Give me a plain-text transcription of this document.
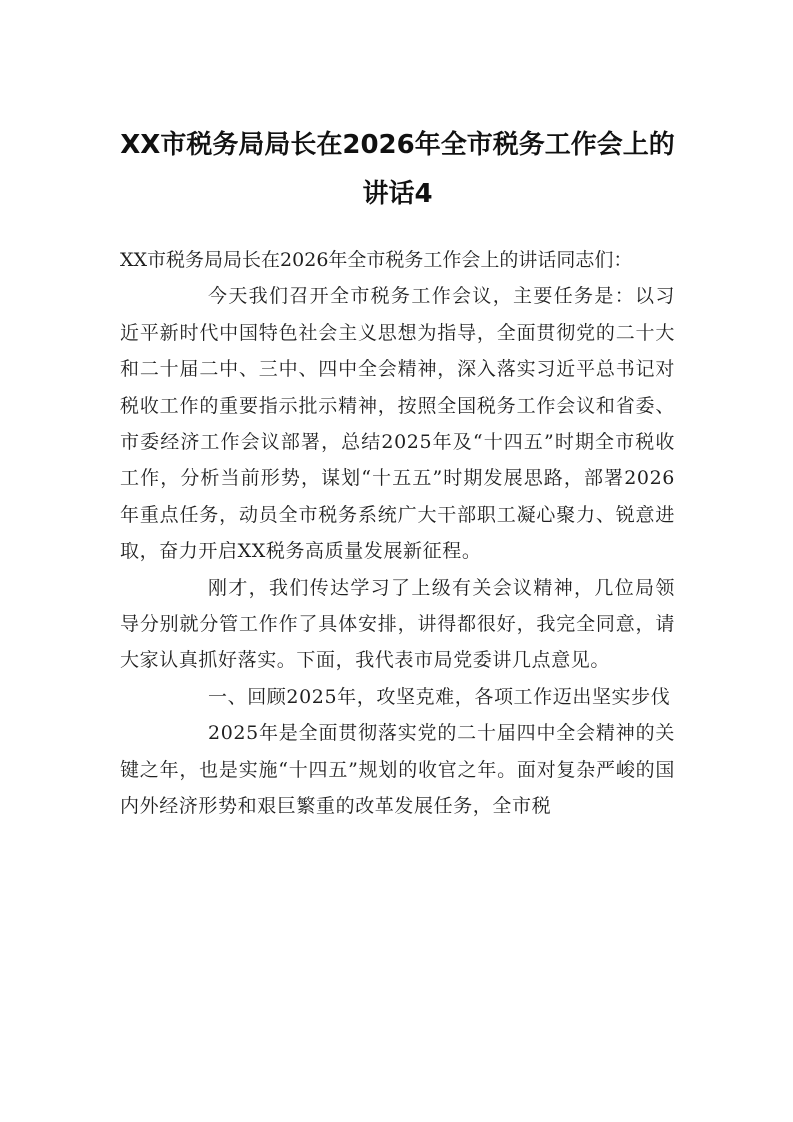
XX市税务局局长在2026年全市税务工作会上的讲话4

XX市税务局局长在2026年全市税务工作会上的讲话同志们：

今天我们召开全市税务工作会议，主要任务是：以习近平新时代中国特色社会主义思想为指导，全面贯彻党的二十大和二十届二中、三中、四中全会精神，深入落实习近平总书记对税收工作的重要指示批示精神，按照全国税务工作会议和省委、市委经济工作会议部署，总结2025年及“十四五”时期全市税收工作，分析当前形势，谋划“十五五”时期发展思路，部署2026年重点任务，动员全市税务系统广大干部职工凝心聚力、锐意进取，奋力开启XX税务高质量发展新征程。

刚才，我们传达学习了上级有关会议精神，几位局领导分别就分管工作作了具体安排，讲得都很好，我完全同意，请大家认真抓好落实。下面，我代表市局党委讲几点意见。

一、回顾2025年，攻坚克难，各项工作迈出坚实步伐

2025年是全面贯彻落实党的二十届四中全会精神的关键之年，也是实施“十四五”规划的收官之年。面对复杂严峻的国内外经济形势和艰巨繁重的改革发展任务，全市税
